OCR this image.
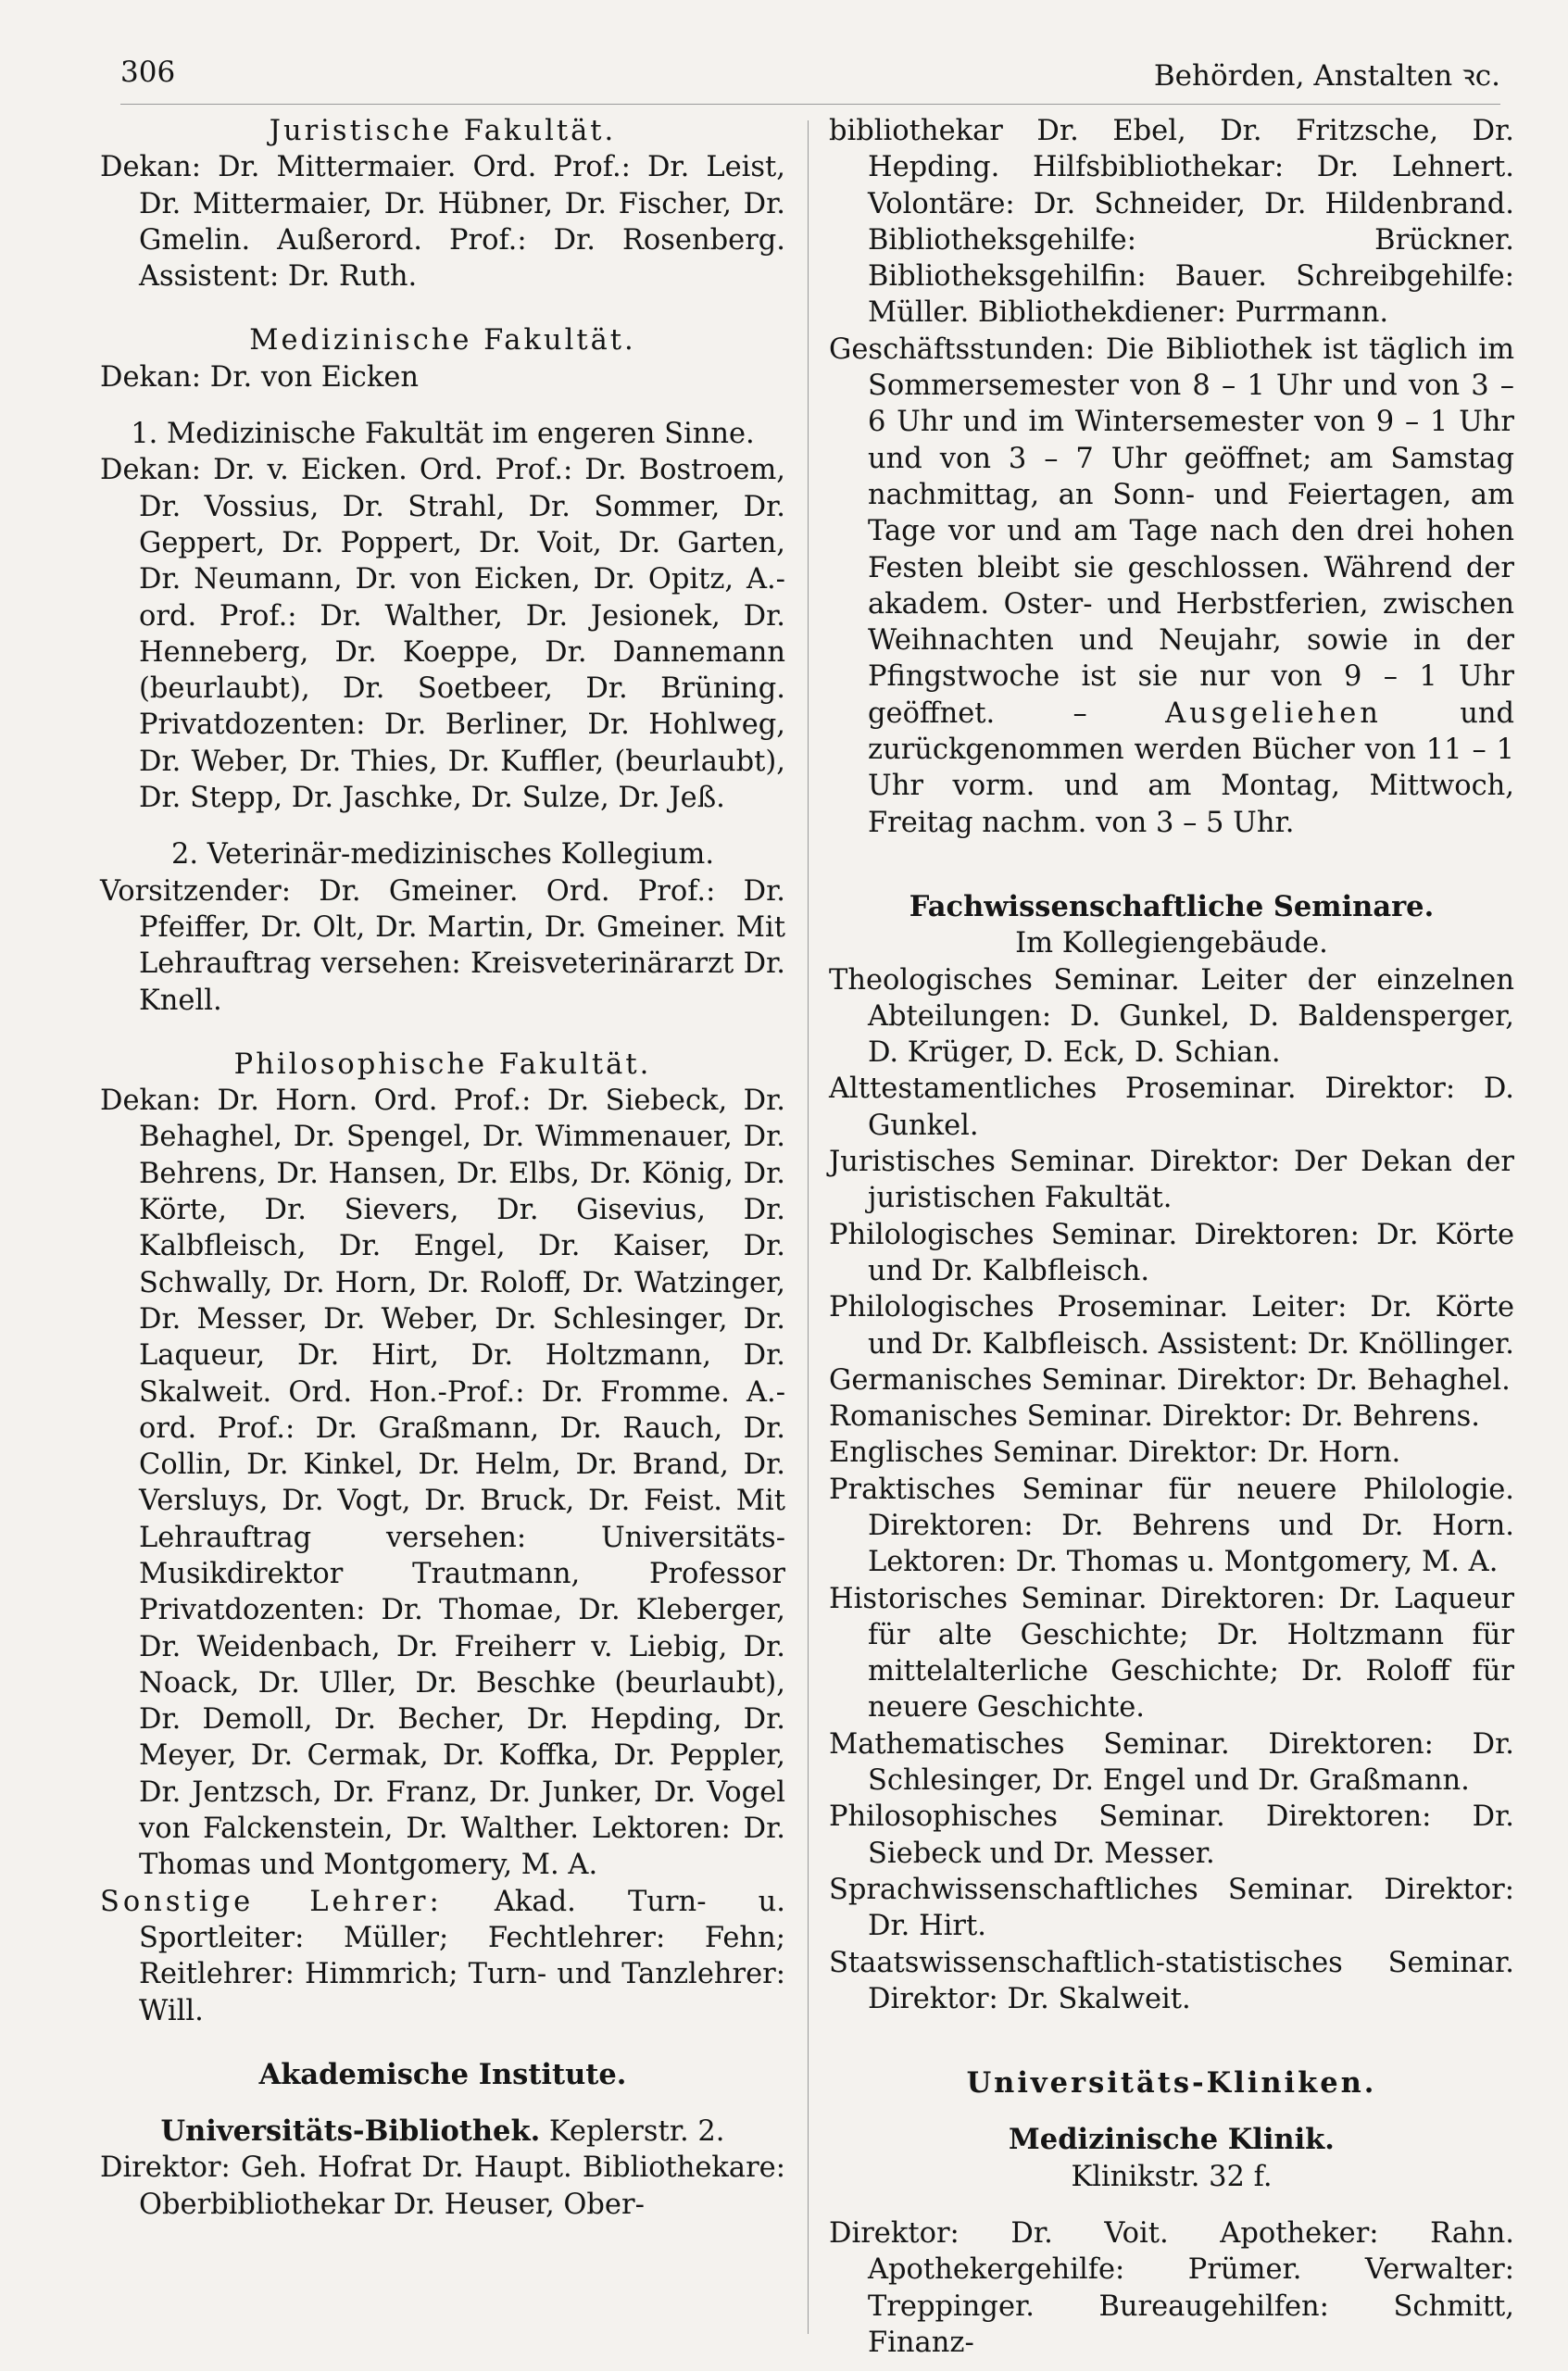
306	Behörden, Anstalten ꝛc.

Juristische Fakultät.

Dekan: Dr. Mittermaier. Ord. Prof.: Dr. Leist, Dr. Mittermaier, Dr. Hübner, Dr. Fischer, Dr. Gmelin. Außerord. Prof.: Dr. Rosenberg. Assistent: Dr. Ruth.

Medizinische Fakultät.

Dekan: Dr. von Eicken

1. Medizinische Fakultät im engeren Sinne.

Dekan: Dr. v. Eicken. Ord. Prof.: Dr. Bostroem, Dr. Vossius, Dr. Strahl, Dr. Sommer, Dr. Geppert, Dr. Poppert, Dr. Voit, Dr. Garten, Dr. Neumann, Dr. von Eicken, Dr. Opitz, A.-ord. Prof.: Dr. Walther, Dr. Jesionek, Dr. Henneberg, Dr. Koeppe, Dr. Dannemann (beurlaubt), Dr. Soetbeer, Dr. Brüning. Privatdozenten: Dr. Berliner, Dr. Hohlweg, Dr. Weber, Dr. Thies, Dr. Kuffler, (beurlaubt), Dr. Stepp, Dr. Jaschke, Dr. Sulze, Dr. Jeß.

2. Veterinär-medizinisches Kollegium.

Vorsitzender: Dr. Gmeiner. Ord. Prof.: Dr. Pfeiffer, Dr. Olt, Dr. Martin, Dr. Gmeiner. Mit Lehrauftrag versehen: Kreisveterinärarzt Dr. Knell.

Philosophische Fakultät.

Dekan: Dr. Horn. Ord. Prof.: Dr. Siebeck, Dr. Behaghel, Dr. Spengel, Dr. Wimmenauer, Dr. Behrens, Dr. Hansen, Dr. Elbs, Dr. König, Dr. Körte, Dr. Sievers, Dr. Gisevius, Dr. Kalbfleisch, Dr. Engel, Dr. Kaiser, Dr. Schwally, Dr. Horn, Dr. Roloff, Dr. Watzinger, Dr. Messer, Dr. Weber, Dr. Schlesinger, Dr. Laqueur, Dr. Hirt, Dr. Holtzmann, Dr. Skalweit. Ord. Hon.-Prof.: Dr. Fromme. A.-ord. Prof.: Dr. Graßmann, Dr. Rauch, Dr. Collin, Dr. Kinkel, Dr. Helm, Dr. Brand, Dr. Versluys, Dr. Vogt, Dr. Bruck, Dr. Feist. Mit Lehrauftrag versehen: Universitäts-Musikdirektor Trautmann, Professor Privatdozenten: Dr. Thomae, Dr. Kleberger, Dr. Weidenbach, Dr. Freiherr v. Liebig, Dr. Noack, Dr. Uller, Dr. Beschke (beurlaubt), Dr. Demoll, Dr. Becher, Dr. Hepding, Dr. Meyer, Dr. Cermak, Dr. Koffka, Dr. Peppler, Dr. Jentzsch, Dr. Franz, Dr. Junker, Dr. Vogel von Falckenstein, Dr. Walther. Lektoren: Dr. Thomas und Montgomery, M. A.

Sonstige Lehrer: Akad. Turn- u. Sportleiter: Müller; Fechtlehrer: Fehn; Reitlehrer: Himmrich; Turn- und Tanzlehrer: Will.

Akademische Institute.

Universitäts-Bibliothek. Keplerstr. 2.

Direktor: Geh. Hofrat Dr. Haupt. Bibliothekare: Oberbibliothekar Dr. Heuser, Ober-

bibliothekar Dr. Ebel, Dr. Fritzsche, Dr. Hepding. Hilfsbibliothekar: Dr. Lehnert. Volontäre: Dr. Schneider, Dr. Hildenbrand. Bibliotheksgehilfe: Brückner. Bibliotheksgehilfin: Bauer. Schreibgehilfe: Müller. Bibliothekdiener: Purrmann.

Geschäftsstunden: Die Bibliothek ist täglich im Sommersemester von 8 – 1 Uhr und von 3 – 6 Uhr und im Wintersemester von 9 – 1 Uhr und von 3 – 7 Uhr geöffnet; am Samstag nachmittag, an Sonn- und Feiertagen, am Tage vor und am Tage nach den drei hohen Festen bleibt sie geschlossen. Während der akadem. Oster- und Herbstferien, zwischen Weihnachten und Neujahr, sowie in der Pfingstwoche ist sie nur von 9 – 1 Uhr geöffnet. –	Ausgeliehen	und zurückgenommen werden Bücher von 11 – 1 Uhr vorm. und am Montag, Mittwoch, Freitag nachm. von 3 – 5 Uhr.

Fachwissenschaftliche Seminare.

Im Kollegiengebäude.

Theologisches Seminar. Leiter der einzelnen Abteilungen: D. Gunkel, D. Baldensperger, D. Krüger, D. Eck, D. Schian.

Alttestamentliches Proseminar. Direktor: D. Gunkel.

Juristisches Seminar. Direktor: Der Dekan der juristischen Fakultät.

Philologisches Seminar. Direktoren: Dr. Körte und Dr. Kalbfleisch.

Philologisches Proseminar. Leiter: Dr. Körte und Dr. Kalbfleisch. Assistent: Dr. Knöllinger.

Germanisches Seminar. Direktor: Dr. Behaghel.

Romanisches Seminar. Direktor: Dr. Behrens.

Englisches Seminar. Direktor: Dr. Horn.

Praktisches Seminar für neuere Philologie. Direktoren: Dr. Behrens und Dr. Horn. Lektoren: Dr. Thomas u. Montgomery, M. A.

Historisches Seminar. Direktoren: Dr. Laqueur für alte Geschichte; Dr. Holtzmann für mittelalterliche Geschichte; Dr. Roloff für neuere Geschichte.

Mathematisches Seminar. Direktoren: Dr. Schlesinger, Dr. Engel und Dr. Graßmann.

Philosophisches Seminar. Direktoren: Dr. Siebeck und Dr. Messer.

Sprachwissenschaftliches Seminar. Direktor: Dr. Hirt.

Staatswissenschaftlich-statistisches Seminar. Direktor: Dr. Skalweit.

Universitäts-Kliniken.

Medizinische Klinik.

Klinikstr. 32 f.

Direktor: Dr. Voit. Apotheker: Rahn. Apothekergehilfe: Prümer. Verwalter: Treppinger. Bureaugehilfen: Schmitt, Finanz-
